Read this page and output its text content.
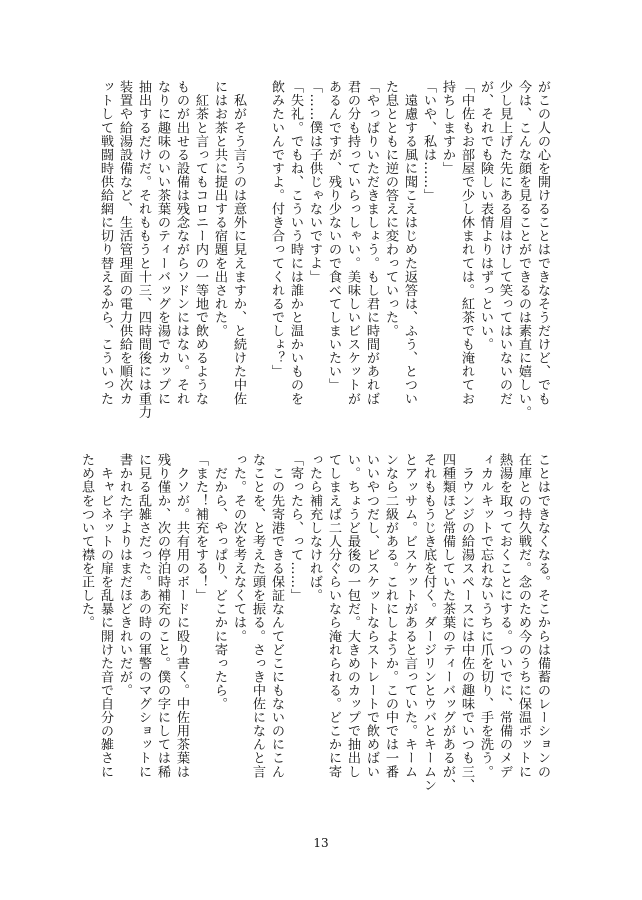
がこの人の心を開けることはできなそうだけど、でも
今は、こんな顔を見ることができるのは素直に嬉しい。
少し見上げた先にある眉はけして笑ってはいないのだ
が、それでも険しい表情よりはずっといい。
「中佐もお部屋で少し休まれては。紅茶でも淹れてお
持ちしますか」
「いや、私は……」
　遠慮する風に聞こえはじめた返答は、ふう、とつい
た息とともに逆の答えに変わっていった。
「やっぱりいただきましょう。もし君に時間があれば
君の分も持っていらっしゃい。美味しいビスケットが
あるんですが、残り少ないので食べてしまいたい」
「……僕は子供じゃないですよ」
「失礼。でもね、こういう時には誰かと温かいものを
飲みたいんですよ。付き合ってくれるでしょ？」

　私がそう言うのは意外に見えますか、と続けた中佐
にはお茶と共に提出する宿題を出された。
　紅茶と言ってもコロニー内の一等地で飲めるような
ものが出せる設備は残念ながらソドンにはない。それ
なりに趣味のいい茶葉のティーバッグを湯でカップに
抽出するだけだ。それももうと十三、四時間後には重力
装置や給湯設備など、生活管理面の電力供給を順次カ
ットして戦闘時供給網に切り替えるから、こういった
ことはできなくなる。そこからは備蓄のレーションの
在庫との持久戦だ。念のため今のうちに保温ポットに
熱湯を取っておくことにする。ついでに、常備のメデ
ィカルキットで忘れないうちに爪を切り、手を洗う。
　ラウンジの給湯スペースには中佐の趣味でいつも三、
四種類ほど常備していた茶葉のティーバッグがあるが、
それももうじき底を付く。ダージリンとウバとキームン
とアッサム。ビスケットがあると言っていた。キーム
ンなら二級がある。これにしようか。この中では一番
いいやつだし、ビスケットならストレートで飲めばい
い。ちょうど最後の一包だ。大きめのカップで抽出し
てしまえば二人分ぐらいなら淹れられる。どこかに寄
ったら補充しなければ。
「寄ったら、って……」
　この先寄港できる保証なんてどこにもないのにこん
なことを、と考えた頭を振る。さっき中佐になんと言
った。その次を考えなくては。
　だから、やっぱり、どこかに寄ったら。
「また！補充をする！」
　クソが。共有用のボードに殴り書く。中佐用茶葉は
残り僅か、次の停泊時補充のこと。僕の字にしては稀
に見る乱雑さだった。あの時の軍警のマグショットに
書かれた字よりはまだほどきれいだが。
　キャビネットの扉を乱暴に開けた音で自分の雑さに
ため息をついて襟を正した。
13
